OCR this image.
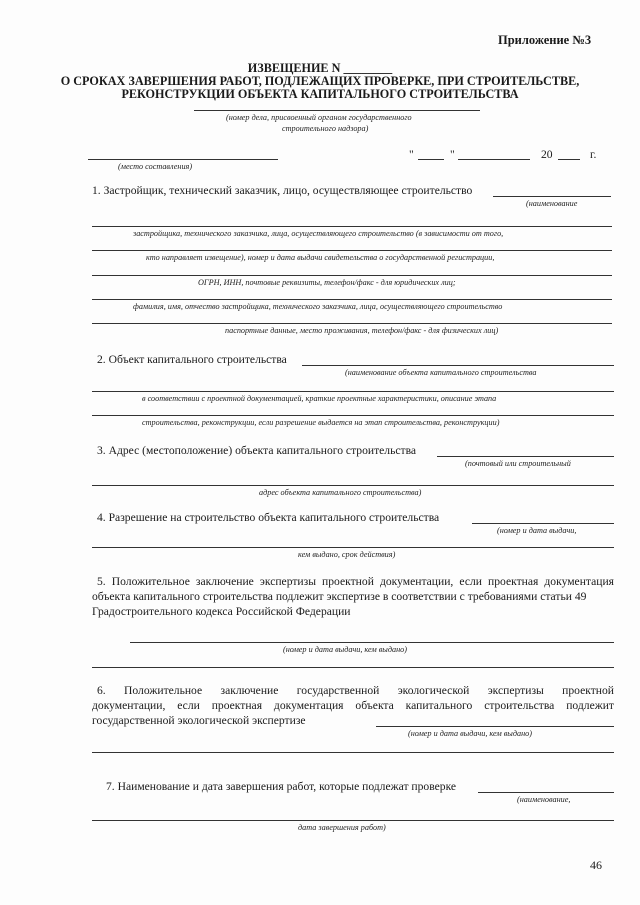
Приложение №3
ИЗВЕЩЕНИЕ N ________
О СРОКАХ ЗАВЕРШЕНИЯ РАБОТ, ПОДЛЕЖАЩИХ ПРОВЕРКЕ, ПРИ СТРОИТЕЛЬСТВЕ,
РЕКОНСТРУКЦИИ ОБЪЕКТА КАПИТАЛЬНОГО СТРОИТЕЛЬСТВА
(номер дела, присвоенный органом государственного
строительного надзора)
(место составления)
"	"	20	г.
1. Застройщик, технический заказчик, лицо, осуществляющее строительство
(наименование
застройщика, технического заказчика, лица, осуществляющего строительство (в зависимости от того,
кто направляет извещение), номер и дата выдачи свидетельства о государственной регистрации,
ОГРН, ИНН, почтовые реквизиты, телефон/факс - для юридических лиц;
фамилия, имя, отчество застройщика, технического заказчика, лица, осуществляющего строительство
паспортные данные, место проживания, телефон/факс - для физических лиц)
2. Объект капитального строительства
(наименование объекта капитального строительства
в соответствии с проектной документацией, краткие проектные характеристики, описание этапа
строительства, реконструкции, если разрешение выдается на этап строительства, реконструкции)
3. Адрес (местоположение) объекта капитального строительства
(почтовый или строительный
адрес объекта капитального строительства)
4. Разрешение на строительство объекта капитального строительства
(номер и дата выдачи,
кем выдано, срок действия)
5. Положительное заключение экспертизы проектной документации, если проектная документация
объекта капитального строительства подлежит экспертизе в соответствии с требованиями статьи 49
Градостроительного кодекса Российской Федерации
(номер и дата выдачи, кем выдано)
6. Положительное заключение государственной экологической экспертизы проектной
документации, если проектная документация объекта капитального строительства подлежит
государственной экологической экспертизе
(номер и дата выдачи, кем выдано)
7. Наименование и дата завершения работ, которые подлежат проверке
(наименование,
дата завершения работ)
46
